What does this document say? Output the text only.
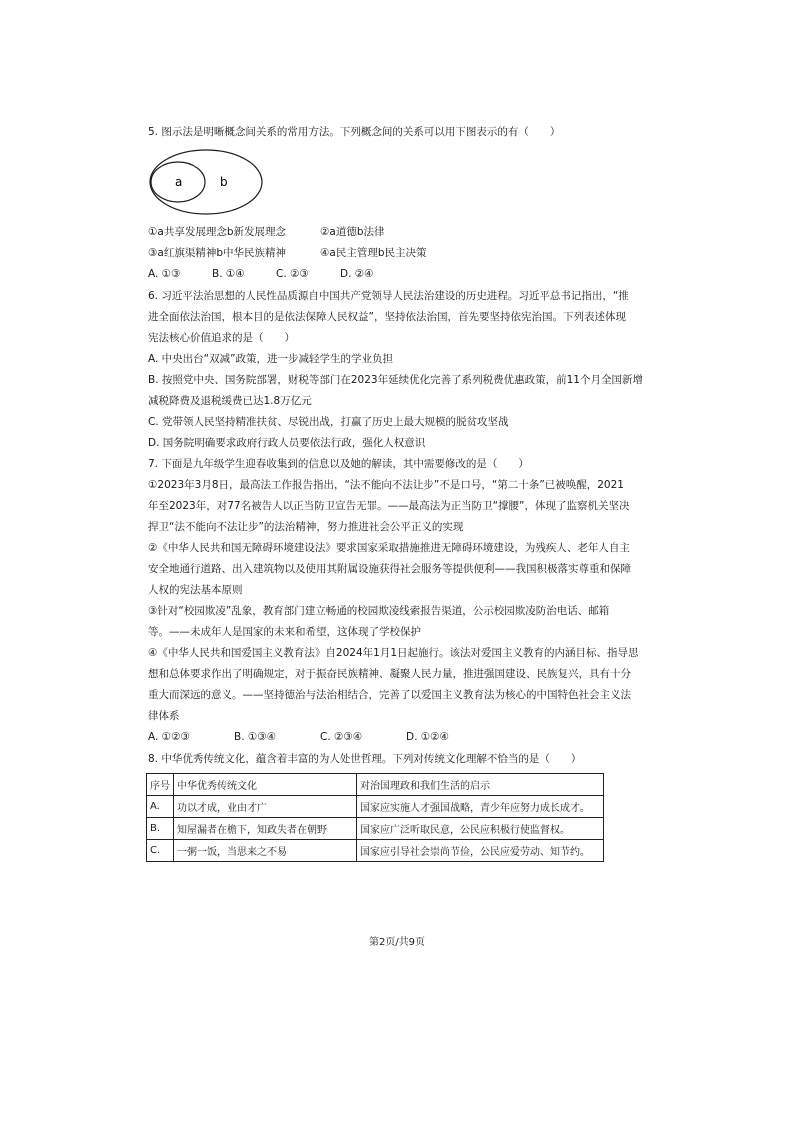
5. 图示法是明晰概念间关系的常用方法。下列概念间的关系可以用下图表示的有（　　）
a	b
①a共享发展理念b新发展理念	②a道德b法律
③a红旗渠精神b中华民族精神	④a民主管理b民主决策
A. ①③	B. ①④	C. ②③	D. ②④
6. 习近平法治思想的人民性品质源自中国共产党领导人民法治建设的历史进程。习近平总书记指出，“推
进全面依法治国，根本目的是依法保障人民权益”，坚持依法治国，首先要坚持依宪治国。下列表述体现
宪法核心价值追求的是（　　）
A. 中央出台“双减”政策，进一步减轻学生的学业负担
B. 按照党中央、国务院部署，财税等部门在2023年延续优化完善了系列税费优惠政策，前11个月全国新增
减税降费及退税缓费已达1.8万亿元
C. 党带领人民坚持精准扶贫、尽锐出战，打赢了历史上最大规模的脱贫攻坚战
D. 国务院明确要求政府行政人员要依法行政，强化人权意识
7. 下面是九年级学生迎春收集到的信息以及她的解读，其中需要修改的是（　　）
①2023年3月8日，最高法工作报告指出，“法不能向不法让步”不是口号，“第二十条”已被唤醒，2021
年至2023年，对77名被告人以正当防卫宣告无罪。——最高法为正当防卫“撑腰”，体现了监察机关坚决
捍卫“法不能向不法让步”的法治精神，努力推进社会公平正义的实现
②《中华人民共和国无障碍环境建设法》要求国家采取措施推进无障碍环境建设，为残疾人、老年人自主
安全地通行道路、出入建筑物以及使用其附属设施获得社会服务等提供便利——我国积极落实尊重和保障
人权的宪法基本原则
③针对“校园欺凌”乱象，教育部门建立畅通的校园欺凌线索报告渠道，公示校园欺凌防治电话、邮箱
等。——未成年人是国家的未来和希望，这体现了学校保护
④《中华人民共和国爱国主义教育法》自2024年1月1日起施行。该法对爱国主义教育的内涵目标、指导思
想和总体要求作出了明确规定，对于振奋民族精神、凝聚人民力量，推进强国建设、民族复兴，具有十分
重大而深远的意义。——坚持德治与法治相结合，完善了以爱国主义教育法为核心的中国特色社会主义法
律体系
A. ①②③	B. ①③④	C. ②③④	D. ①②④
8. 中华优秀传统文化，蕴含着丰富的为人处世哲理。下列对传统文化理解不恰当的是（　　）
序号	中华优秀传统文化	对治国理政和我们生活的启示
A.	功以才成，业由才广	国家应实施人才强国战略，青少年应努力成长成才。
B.	知屋漏者在檐下，知政失者在朝野	国家应广泛听取民意，公民应积极行使监督权。
C.	一粥一饭，当思来之不易	国家应引导社会崇尚节俭，公民应爱劳动、知节约。
第2页/共9页
